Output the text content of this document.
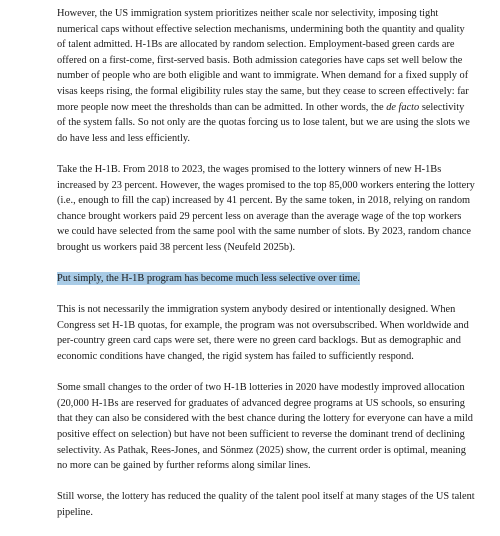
However, the US immigration system prioritizes neither scale nor selectivity, imposing tight numerical caps without effective selection mechanisms, undermining both the quantity and quality of talent admitted. H-1Bs are allocated by random selection. Employment-based green cards are offered on a first-come, first-served basis. Both admission categories have caps set well below the number of people who are both eligible and want to immigrate. When demand for a fixed supply of visas keeps rising, the formal eligibility rules stay the same, but they cease to screen effectively: far more people now meet the thresholds than can be admitted. In other words, the de facto selectivity of the system falls. So not only are the quotas forcing us to lose talent, but we are using the slots we do have less and less efficiently.

Take the H-1B. From 2018 to 2023, the wages promised to the lottery winners of new H-1Bs increased by 23 percent. However, the wages promised to the top 85,000 workers entering the lottery (i.e., enough to fill the cap) increased by 41 percent. By the same token, in 2018, relying on random chance brought workers paid 29 percent less on average than the average wage of the top workers we could have selected from the same pool with the same number of slots. By 2023, random chance brought us workers paid 38 percent less (Neufeld 2025b).

Put simply, the H-1B program has become much less selective over time.

This is not necessarily the immigration system anybody desired or intentionally designed. When Congress set H-1B quotas, for example, the program was not oversubscribed. When worldwide and per-country green card caps were set, there were no green card backlogs. But as demographic and economic conditions have changed, the rigid system has failed to sufficiently respond.

Some small changes to the order of two H-1B lotteries in 2020 have modestly improved allocation (20,000 H-1Bs are reserved for graduates of advanced degree programs at US schools, so ensuring that they can also be considered with the best chance during the lottery for everyone can have a mild positive effect on selection) but have not been sufficient to reverse the dominant trend of declining selectivity. As Pathak, Rees-Jones, and Sönmez (2025) show, the current order is optimal, meaning no more can be gained by further reforms along similar lines.

Still worse, the lottery has reduced the quality of the talent pool itself at many stages of the US talent pipeline.
